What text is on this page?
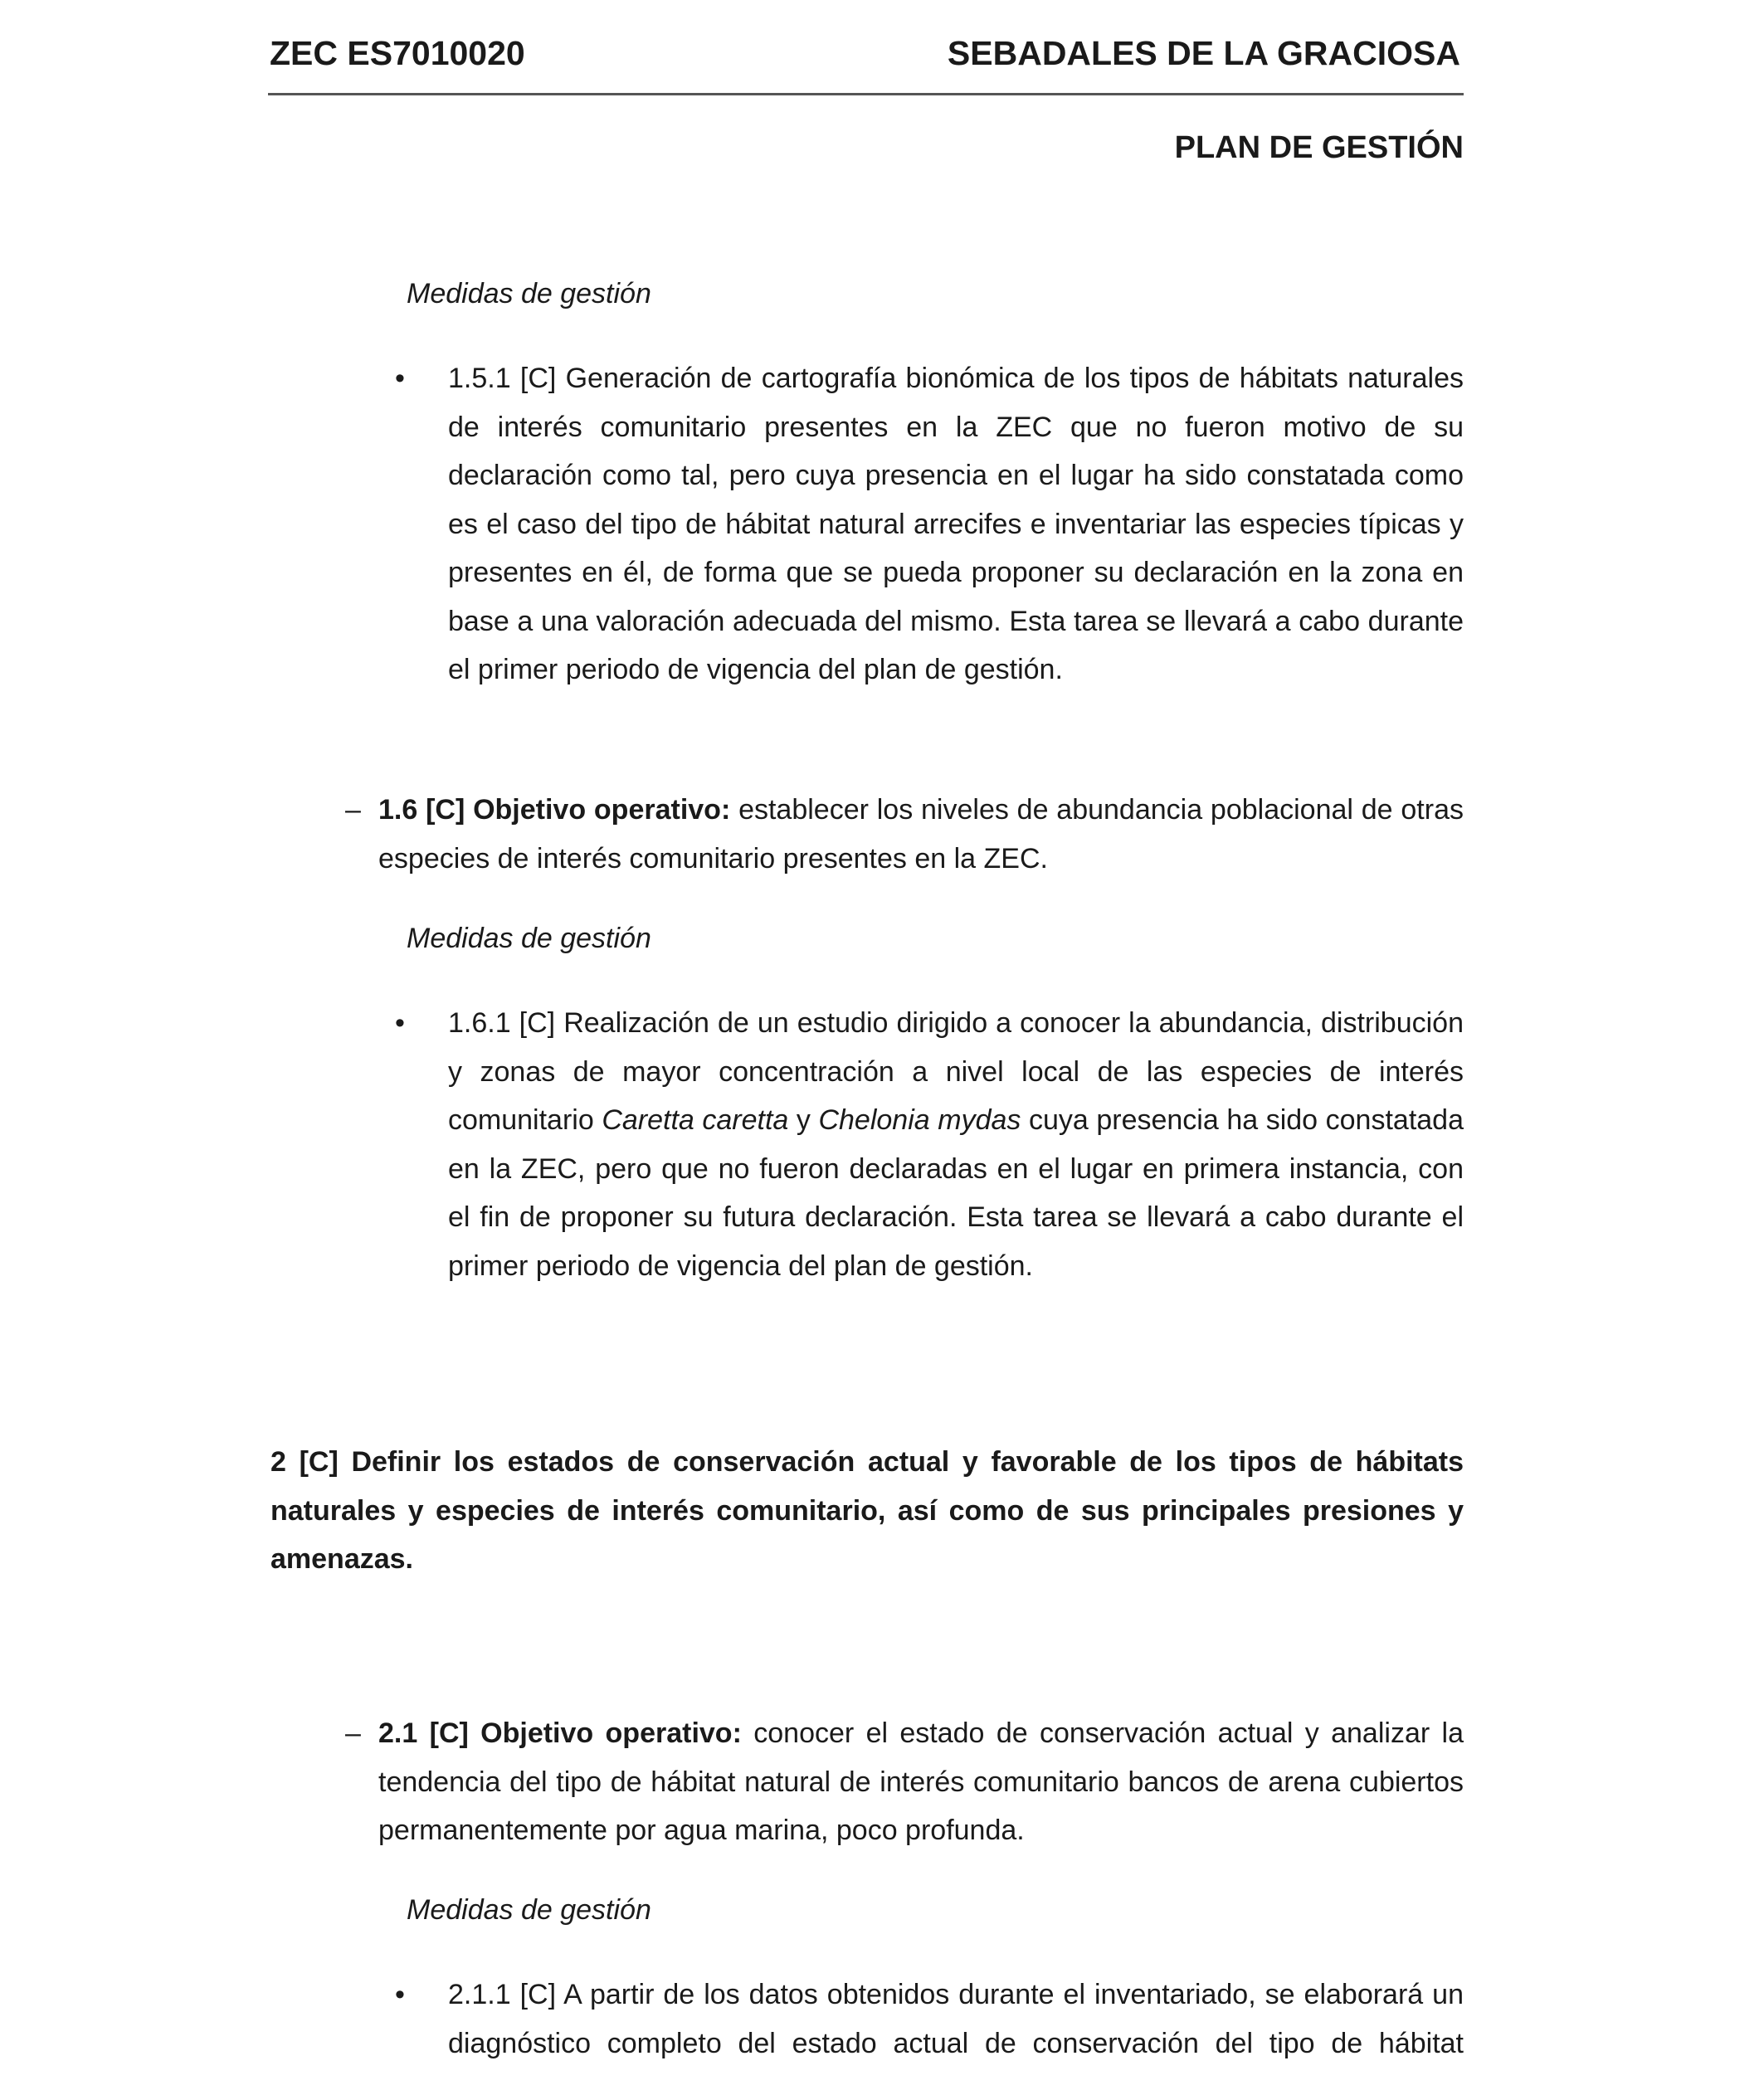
ZEC ES7010020	SEBADALES DE LA GRACIOSA
PLAN DE GESTIÓN
Medidas de gestión
• 1.5.1 [C] Generación de cartografía bionómica de los tipos de hábitats naturales de interés comunitario presentes en la ZEC que no fueron motivo de su declaración como tal, pero cuya presencia en el lugar ha sido constatada como es el caso del tipo de hábitat natural arrecifes e inventariar las especies típicas y presentes en él, de forma que se pueda proponer su declaración en la zona en base a una valoración adecuada del mismo. Esta tarea se llevará a cabo durante el primer periodo de vigencia del plan de gestión.
– 1.6 [C] Objetivo operativo: establecer los niveles de abundancia poblacional de otras especies de interés comunitario presentes en la ZEC.
Medidas de gestión
• 1.6.1 [C] Realización de un estudio dirigido a conocer la abundancia, distribución y zonas de mayor concentración a nivel local de las especies de interés comunitario Caretta caretta y Chelonia mydas cuya presencia ha sido constatada en la ZEC, pero que no fueron declaradas en el lugar en primera instancia, con el fin de proponer su futura declaración. Esta tarea se llevará a cabo durante el primer periodo de vigencia del plan de gestión.
2 [C] Definir los estados de conservación actual y favorable de los tipos de hábitats naturales y especies de interés comunitario, así como de sus principales presiones y amenazas.
– 2.1 [C] Objetivo operativo: conocer el estado de conservación actual y analizar la tendencia del tipo de hábitat natural de interés comunitario bancos de arena cubiertos permanentemente por agua marina, poco profunda.
Medidas de gestión
• 2.1.1 [C] A partir de los datos obtenidos durante el inventariado, se elaborará un diagnóstico completo del estado actual de conservación del tipo de hábitat
